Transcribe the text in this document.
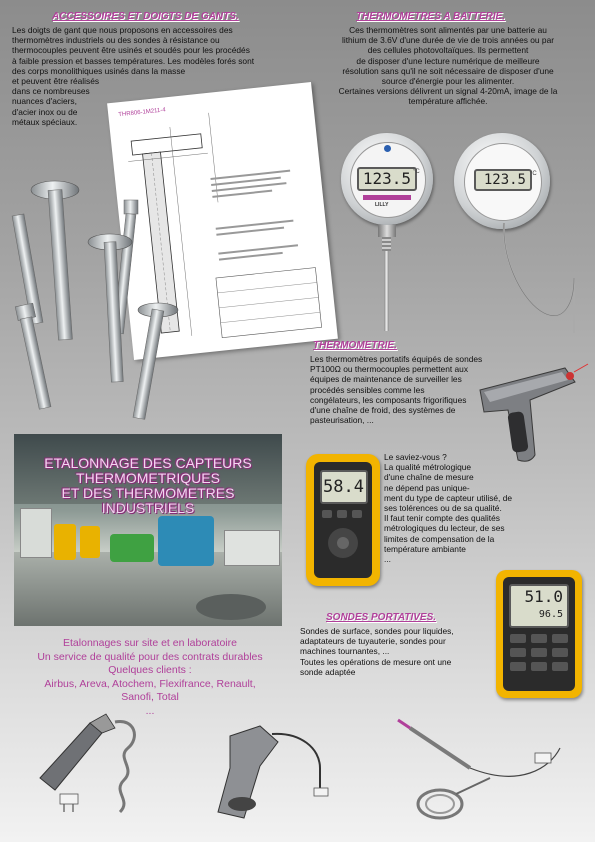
ACCESSOIRES ET DOIGTS DE GANTS.
Les doigts de gant que nous proposons en accessoires des
thermomètres industriels ou des sondes à résistance ou
thermocouples peuvent être usinés et soudés pour les procédés
à faible pression et basses températures. Les modèles forés sont
des corps monolithiques usinés dans la masse
et peuvent être réalisés
dans ce nombreuses
nuances d'aciers,
d'acier inox ou de
métaux spéciaux.
THR806-1M211-4
THERMOMETRES A BATTERIE.
Ces thermomètres sont alimentés par une batterie au
lithium de 3.6V d'une durée de vie de trois années ou par
des cellules photovoltaïques. Ils permettent
de disposer d'une lecture numérique de meilleure
résolution sans qu'il ne soit nécessaire de disposer d'une
source d'énergie pour les alimenter.
Certaines versions délivrent un signal 4-20mA, image de la
température affichée.
123.5 °C
LILLY
123.5 °C
THERMOMETRIE.
Les thermomètres portatifs équipés de sondes
PT100Ω ou thermocouples permettent aux
équipes de maintenance de surveiller les
procédés sensibles comme les
congélateurs, les composants frigorifiques
d'une chaîne de froid, des systèmes de
pasteurisation, ...
ETALONNAGE DES CAPTEURS
THERMOMETRIQUES
ET DES THERMOMETRES
INDUSTRIELS
58.4
Le saviez-vous ?
La qualité métrologique
d'une chaîne de mesure
ne dépend pas unique-
ment du type de capteur utilisé, de
ses tolérences ou de sa qualité.
Il faut tenir compte des qualités
métrologiques du lecteur, de ses
limites de compensation de la
température ambiante
...
51.0
96.5
Etalonnages sur site et en laboratoire
Un service de qualité pour des contrats durables
Quelques clients :
Airbus, Areva, Atochem, Flexifrance, Renault,
Sanofi, Total
...
SONDES PORTATIVES.
Sondes de surface, sondes pour liquides,
adaptateurs de tuyauterie, sondes pour
machines tournantes, ...
Toutes les opérations de mesure ont une
sonde adaptée
